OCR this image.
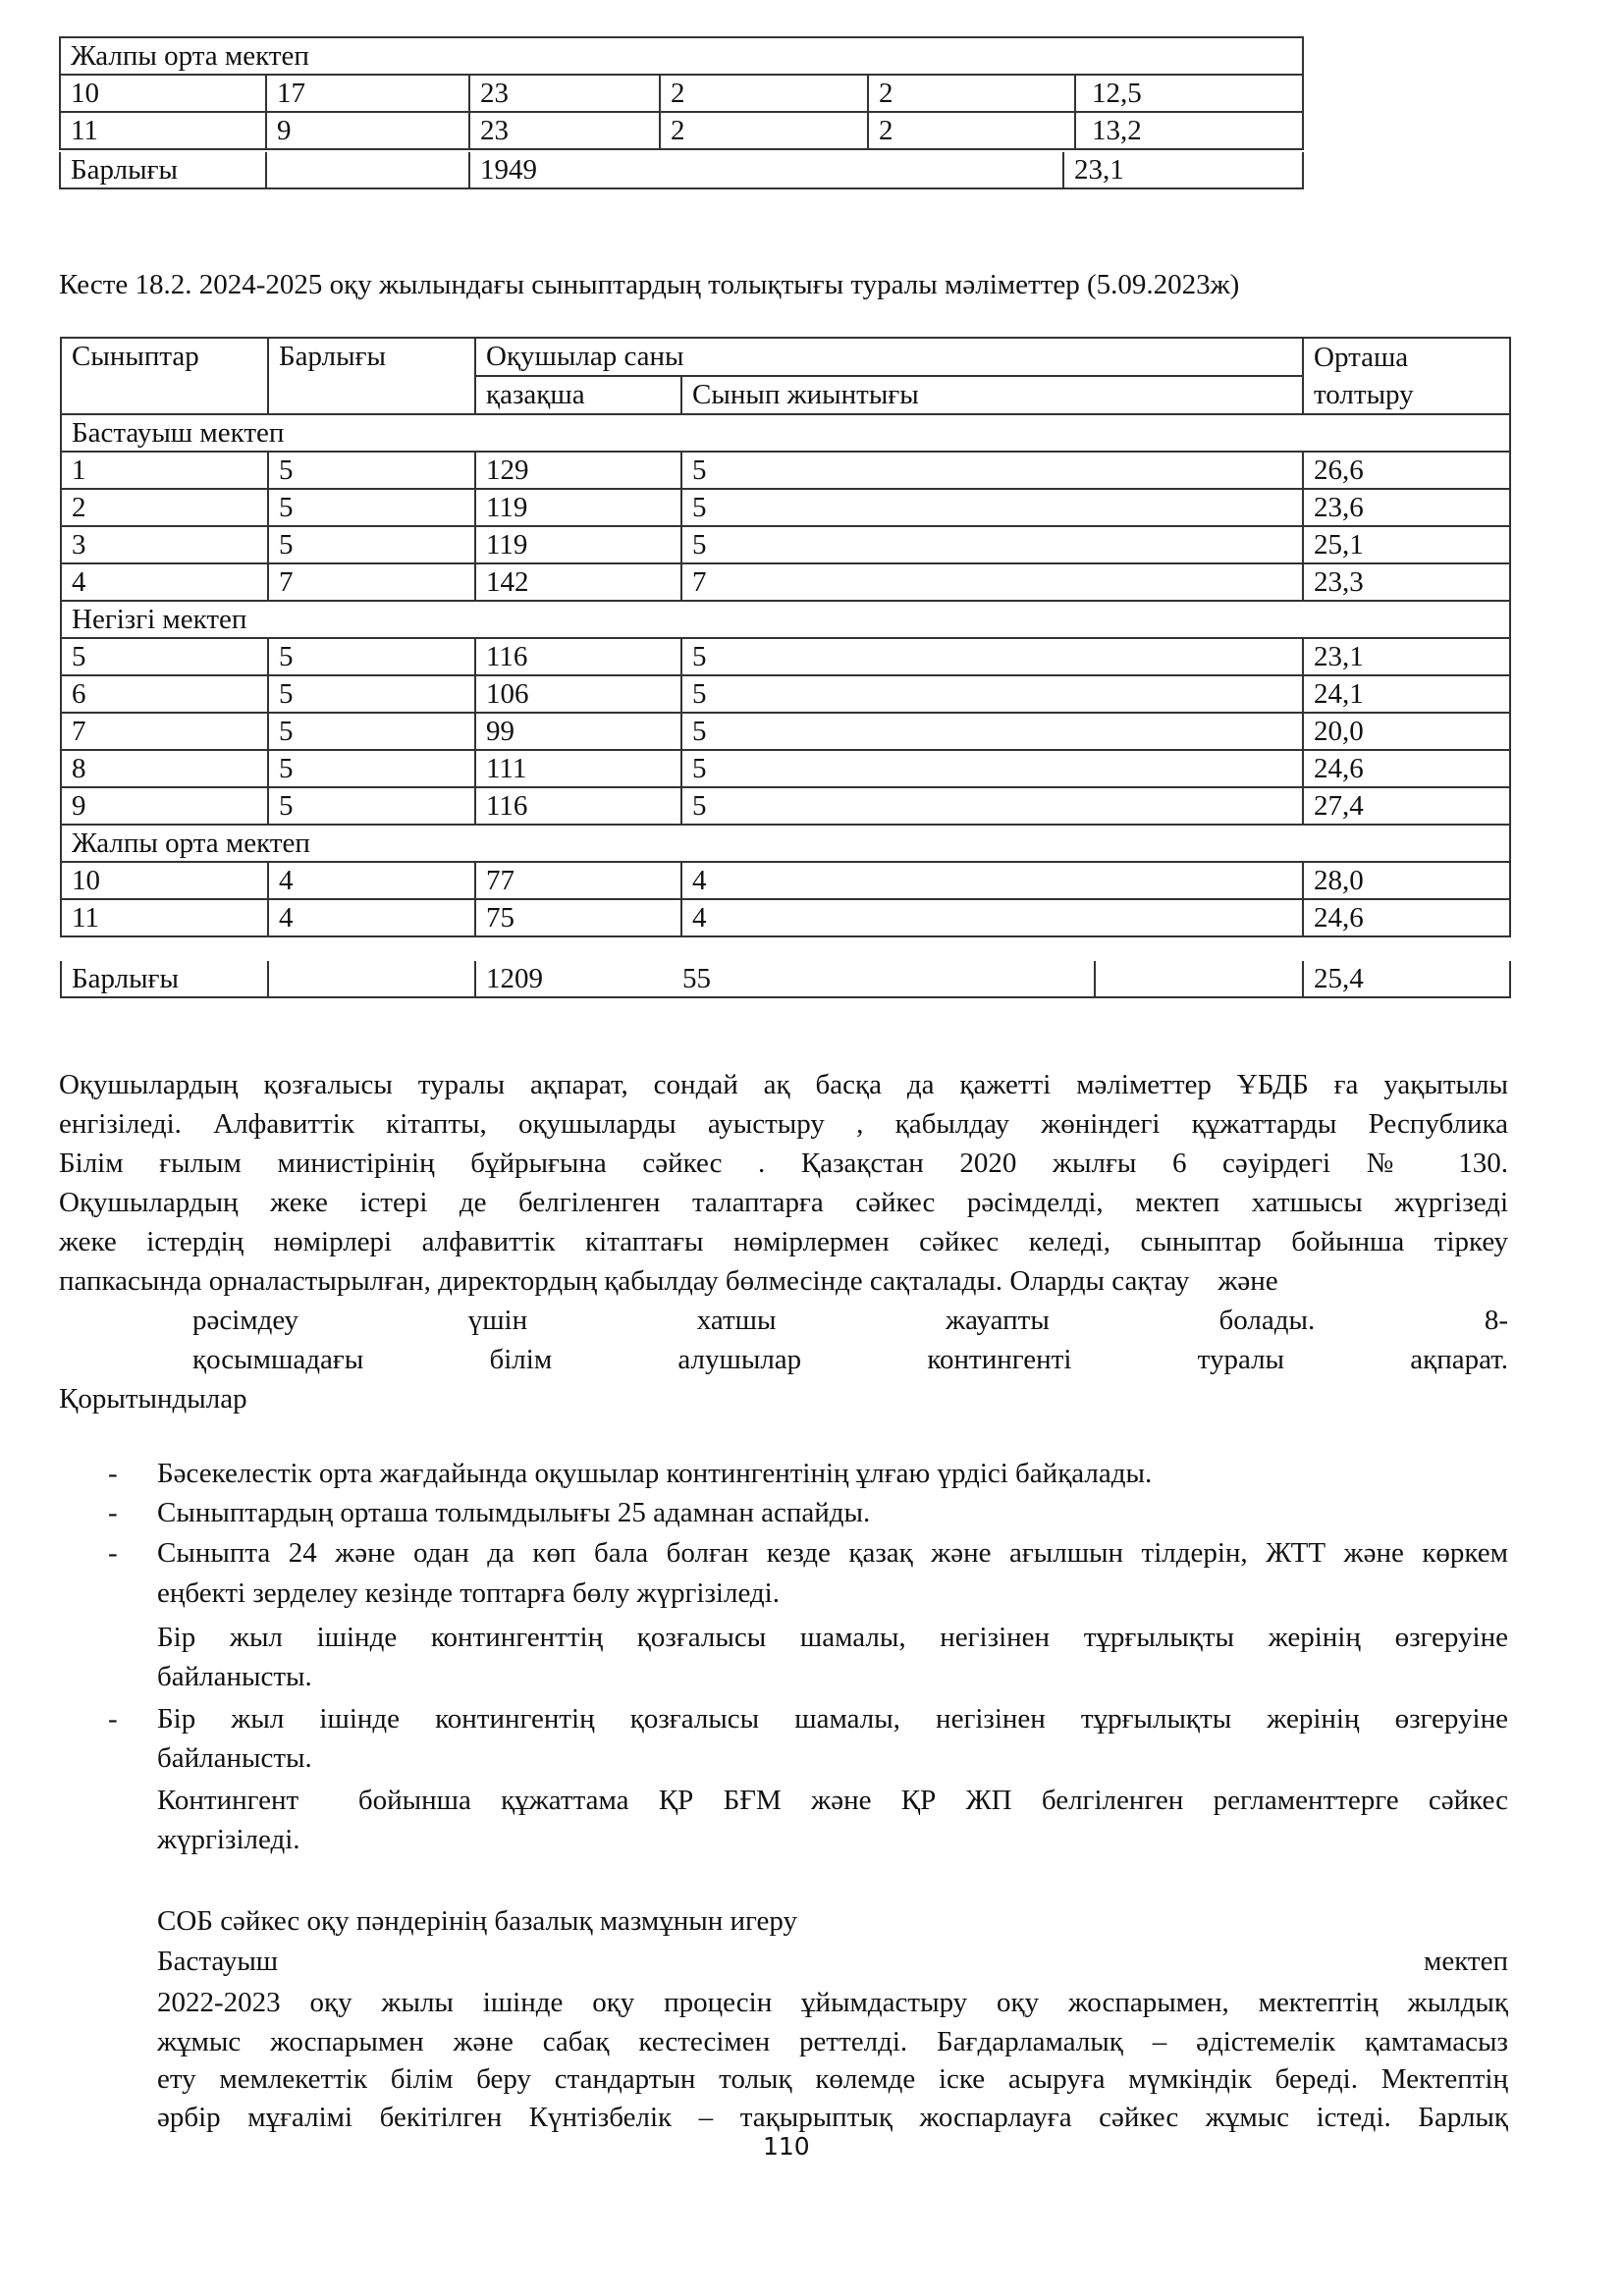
Жалпы орта мектеп					
10	17	23	2	2	12,5
11	9	23	2	2	13,2
Барлығы		1949	23,1
Кесте 18.2. 2024-2025 оқу жылындағы сыныптардың толықтығы туралы мәліметтер (5.09.2023ж)
Сыныптар	Барлығы	Оқушылар саны		Орташа
толтыру
		қазақша	Сынып жиынтығы	
Бастауыш мектеп				
1	5	129	5	26,6
2	5	119	5	23,6
3	5	119	5	25,1
4	7	142	7	23,3
Негізгі мектеп				
5	5	116	5	23,1
6	5	106	5	24,1
7	5	99	5	20,0
8	5	111	5	24,6
9	5	116	5	27,4
Жалпы орта мектеп				
10	4	77	4	28,0
11	4	75	4	24,6
Барлығы		1209	55		25,4
Оқушылардың қозғалысы туралы ақпарат, сондай ақ басқа да қажетті мәліметтер ҰБДБ ға уақытылы
енгізіледі. Алфавиттік кітапты, оқушыларды ауыстыру , қабылдау жөніндегі құжаттарды Республика
Білім ғылым министірінің бұйрығына сәйкес . Қазақстан 2020 жылғы 6 сәуірдегі № 130.
Оқушылардың жеке істері де белгіленген талаптарға сәйкес рәсімделді, мектеп хатшысы жүргізеді
жеке істердің нөмірлері алфавиттік кітаптағы нөмірлермен сәйкес келеді, сыныптар бойынша тіркеу
папкасында орналастырылған, директордың қабылдау бөлмесінде сақталады. Оларды сақтау    және
рәсімдеу үшін хатшы жауапты болады. 8-
қосымшадағы білім алушылар контингенті туралы ақпарат.
Қорытындылар
- Бәсекелестік орта жағдайында оқушылар контингентінің ұлғаю үрдісі байқалады.
- Сыныптардың орташа толымдылығы 25 адамнан аспайды.
- Сыныпта 24 және одан да көп бала болған кезде қазақ және ағылшын тілдерін, ЖТТ және көркем
еңбекті зерделеу кезінде топтарға бөлу жүргізіледі.
Бір жыл ішінде контингенттің қозғалысы шамалы, негізінен тұрғылықты жерінің өзгеруіне
байланысты.
- Бір жыл ішінде контингентің қозғалысы шамалы, негізінен тұрғылықты жерінің өзгеруіне
байланысты.
Контингент  бойынша құжаттама ҚР БҒМ және ҚР ЖП белгіленген регламенттерге сәйкес
жүргізіледі.
СОБ сәйкес оқу пәндерінің базалық мазмұнын игеру
Бастауыш	мектеп
2022-2023 оқу жылы ішінде оқу процесін ұйымдастыру оқу жоспарымен, мектептің жылдық
жұмыс жоспарымен және сабақ кестесімен реттелді. Бағдарламалық – әдістемелік қамтамасыз
ету мемлекеттік білім беру стандартын толық көлемде іске асыруға мүмкіндік береді. Мектептің
әрбір мұғалімі бекітілген Күнтізбелік – тақырыптық жоспарлауға сәйкес жұмыс істеді. Барлық
110
